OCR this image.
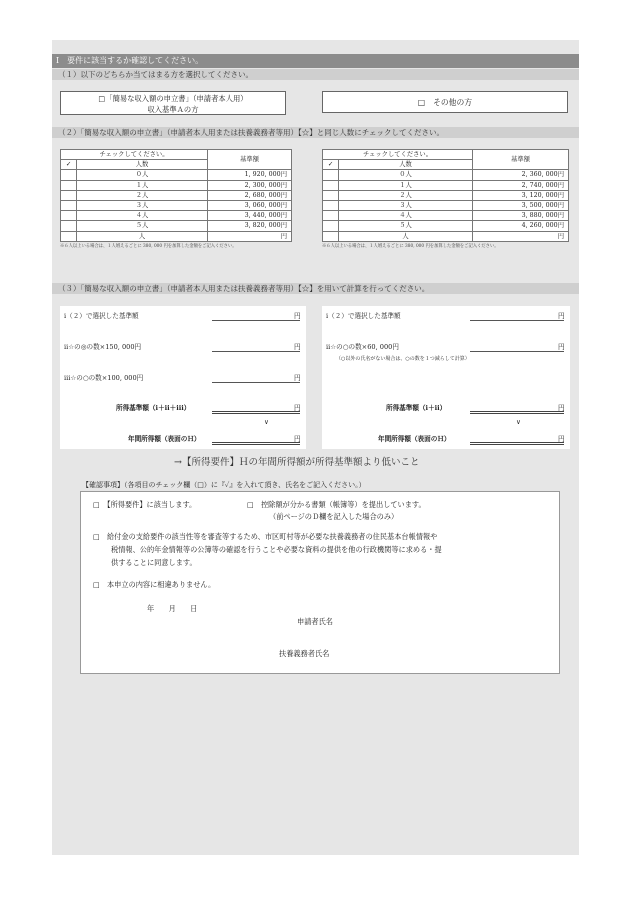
Ⅰ　要件に該当するか確認してください。
（１）以下のどちらか当てはまる方を選択してください。
□「簡易な収入額の申立書」（申請者本人用）
収入基準Ａの方
□　その他の方
（２）「簡易な収入額の申立書」（申請者本人用または扶養義務者等用）【☆】と同じ人数にチェックしてください。
チェックしてください。		基準額
✓	人数	
	０人	1, 920, 000円
	１人	2, 300, 000円
	２人	2, 680, 000円
	３人	3, 060, 000円
	４人	3, 440, 000円
	５人	3, 820, 000円
	人	円
※６人以上いる場合は、１人増えるごとに 380, 000 円を加算した金額をご記入ください。
チェックしてください。		基準額
✓	人数	
	０人	2, 360, 000円
	１人	2, 740, 000円
	２人	3, 120, 000円
	３人	3, 500, 000円
	４人	3, 880, 000円
	５人	4, 260, 000円
	人	円
※６人以上いる場合は、１人増えるごとに 380, 000 円を加算した金額をご記入ください。
（３）「簡易な収入額の申立書」（申請者本人用または扶養義務者等用）【☆】を用いて計算を行ってください。
ⅰ（２）で選択した基準額	円
ⅱ☆の◎の数×150, 000円	円
ⅲ☆の○の数×100, 000円	円
所得基準額（ⅰ＋ⅱ＋ⅲ）	円
∨
年間所得額（表面のＨ）	円
ⅰ（２）で選択した基準額	円
ⅱ☆の○の数×60, 000円	円
（○以外の氏名がない場合は、○の数を１つ減らして計算）
所得基準額（ⅰ＋ⅱ）	円
∨
年間所得額（表面のＨ）	円
→【所得要件】Ｈの年間所得額が所得基準額より低いこと
【確認事項】（各項目のチェック欄（□）に『✓』を入れて頂き、氏名をご記入ください。）
□　【所得要件】に該当します。	□　控除額が分かる書類（帳簿等）を提出しています。
（前ページのＤ欄を記入した場合のみ）
□　給付金の支給要件の該当性等を審査等するため、市区町村等が必要な扶養義務者の住民基本台帳情報や
税情報、公的年金情報等の公簿等の確認を行うことや必要な資料の提供を他の行政機関等に求める・提
供することに同意します。
□　本申立の内容に相違ありません。
年　　月　　日
申請者氏名
扶養義務者氏名
